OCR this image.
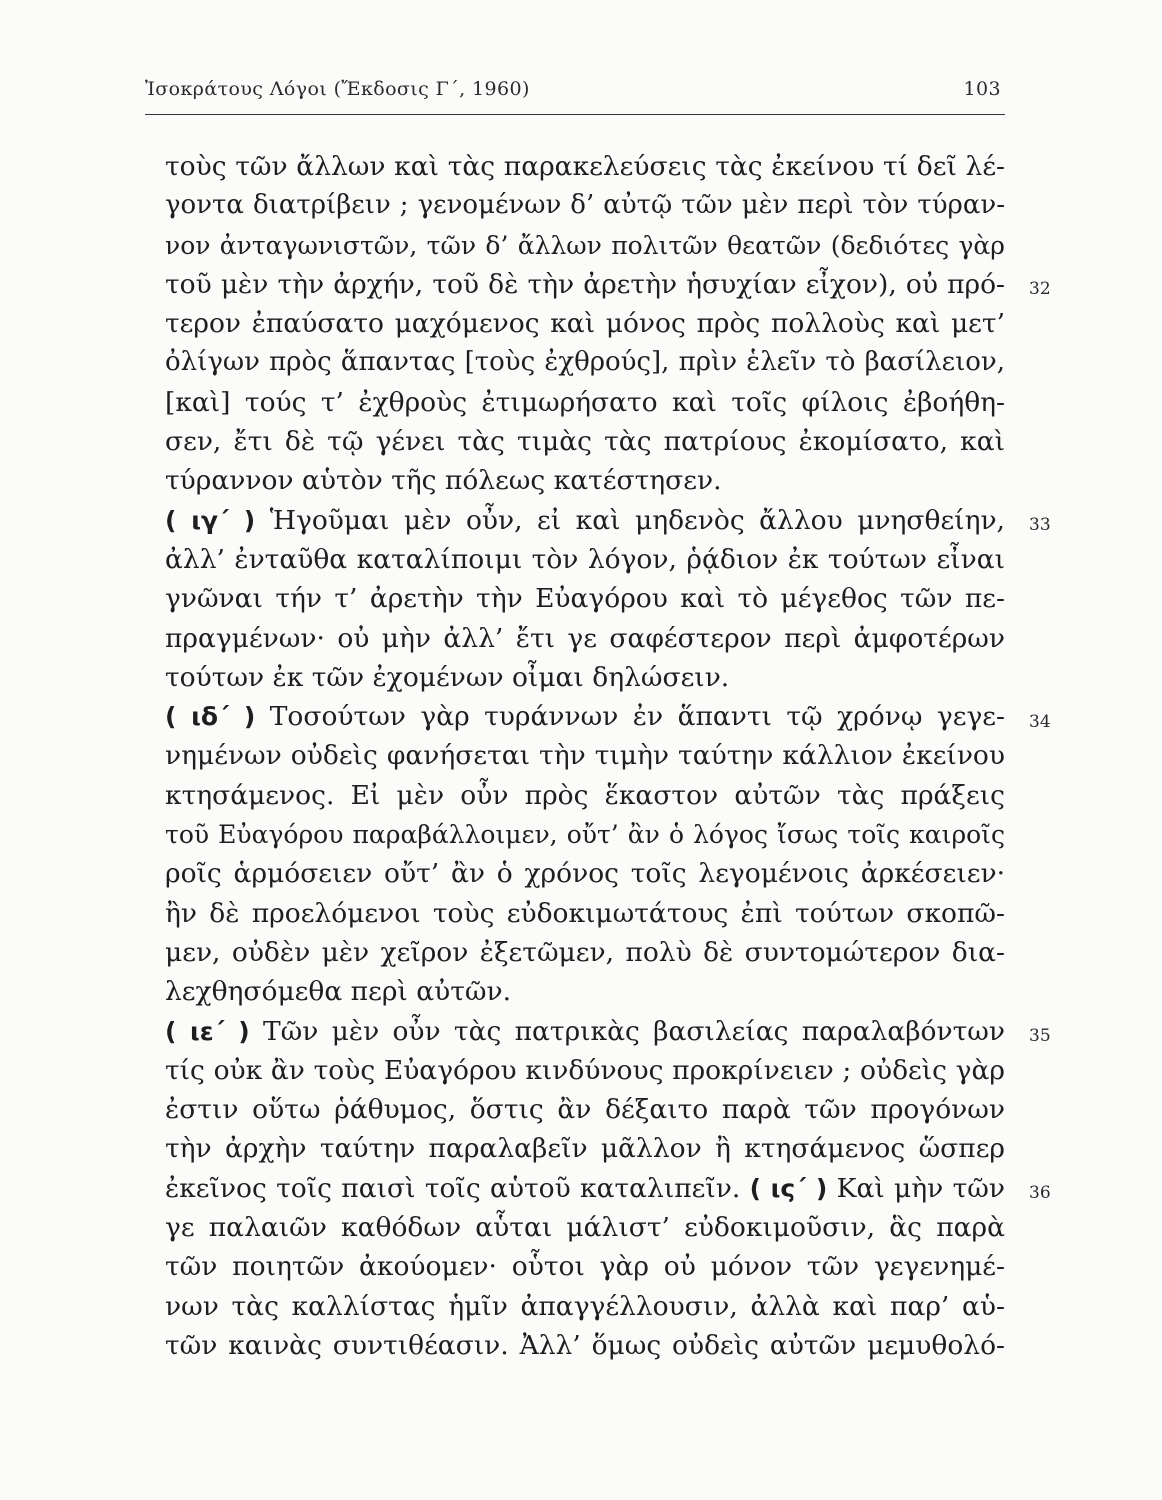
Ἰσοκράτους Λόγοι (Ἔκδοσις Γ΄, 1960)	103
τοὺς τῶν ἄλλων καὶ τὰς παρακελεύσεις τὰς ἐκείνου τί δεῖ λέ-
γοντα διατρίβειν ; γενομένων δ’ αὐτῷ τῶν μὲν περὶ τὸν τύραν-
νον ἀνταγωνιστῶν, τῶν δ’ ἄλλων πολιτῶν θεατῶν (δεδιότες γὰρ
τοῦ μὲν τὴν ἀρχήν, τοῦ δὲ τὴν ἀρετὴν ἡσυχίαν εἶχον), οὐ πρό-
τερον ἐπαύσατο μαχόμενος καὶ μόνος πρὸς πολλοὺς καὶ μετ’
ὀλίγων πρὸς ἅπαντας [τοὺς ἐχθρούς], πρὶν ἑλεῖν τὸ βασίλειον,
[καὶ] τούς τ’ ἐχθροὺς ἐτιμωρήσατο καὶ τοῖς φίλοις ἐβοήθη-
σεν, ἔτι δὲ τῷ γένει τὰς τιμὰς τὰς πατρίους ἐκομίσατο, καὶ
τύραννον αὑτὸν τῆς πόλεως κατέστησεν.
( ιγ΄ ) Ἡγοῦμαι μὲν οὖν, εἰ καὶ μηδενὸς ἄλλου μνησθείην,
ἀλλ’ ἐνταῦθα καταλίποιμι τὸν λόγον, ῥᾴδιον ἐκ τούτων εἶναι
γνῶναι τήν τ’ ἀρετὴν τὴν Εὐαγόρου καὶ τὸ μέγεθος τῶν πε-
πραγμένων· οὐ μὴν ἀλλ’ ἔτι γε σαφέστερον περὶ ἀμφοτέρων
τούτων ἐκ τῶν ἐχομένων οἶμαι δηλώσειν.
( ιδ΄ ) Τοσούτων γὰρ τυράννων ἐν ἅπαντι τῷ χρόνῳ γεγε-
νημένων οὐδεὶς φανήσεται τὴν τιμὴν ταύτην κάλλιον ἐκείνου
κτησάμενος. Εἰ μὲν οὖν πρὸς ἕκαστον αὐτῶν τὰς πράξεις
τοῦ Εὐαγόρου παραβάλλοιμεν, οὔτ’ ἂν ὁ λόγος ἴσως τοῖς καιροῖς
ροῖς ἁρμόσειεν οὔτ’ ἂν ὁ χρόνος τοῖς λεγομένοις ἀρκέσειεν·
ἢν δὲ προελόμενοι τοὺς εὐδοκιμωτάτους ἐπὶ τούτων σκοπῶ-
μεν, οὐδὲν μὲν χεῖρον ἐξετῶμεν, πολὺ δὲ συντομώτερον δια-
λεχθησόμεθα περὶ αὐτῶν.
( ιε΄ ) Τῶν μὲν οὖν τὰς πατρικὰς βασιλείας παραλαβόντων
τίς οὐκ ἂν τοὺς Εὐαγόρου κινδύνους προκρίνειεν ; οὐδεὶς γὰρ
ἐστιν οὕτω ῥάθυμος, ὅστις ἂν δέξαιτο παρὰ τῶν προγόνων
τὴν ἀρχὴν ταύτην παραλαβεῖν μᾶλλον ἢ κτησάμενος ὥσπερ
ἐκεῖνος τοῖς παισὶ τοῖς αὑτοῦ καταλιπεῖν. ( ις΄ ) Καὶ μὴν τῶν
γε παλαιῶν καθόδων αὗται μάλιστ’ εὐδοκιμοῦσιν, ἃς παρὰ
τῶν ποιητῶν ἀκούομεν· οὗτοι γὰρ οὐ μόνον τῶν γεγενημέ-
νων τὰς καλλίστας ἡμῖν ἀπαγγέλλουσιν, ἀλλὰ καὶ παρ’ αὑ-
τῶν καινὰς συντιθέασιν. Ἀλλ’ ὅμως οὐδεὶς αὐτῶν μεμυθολό-
32
33
34
35
36
